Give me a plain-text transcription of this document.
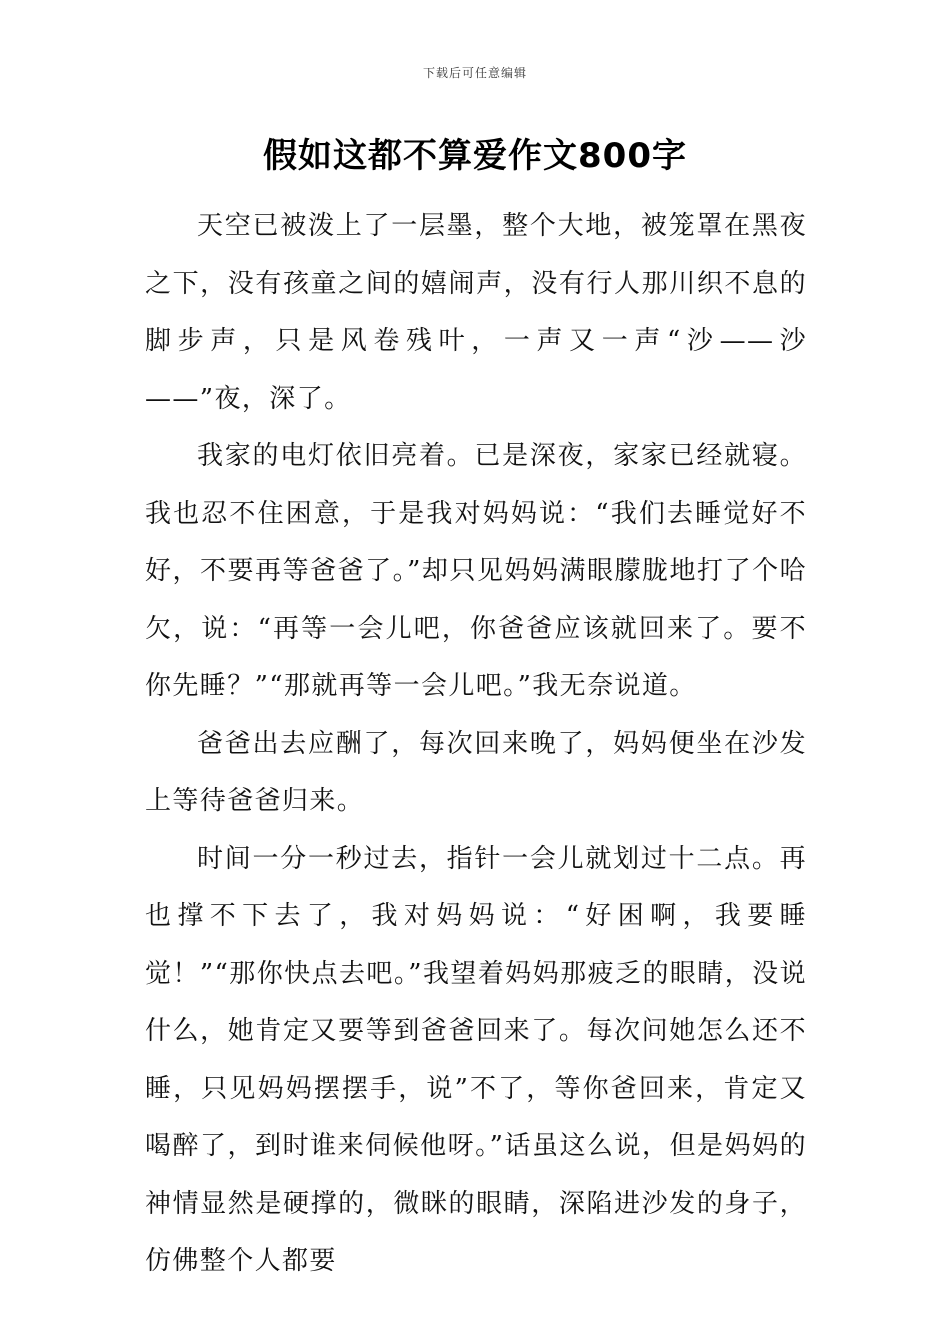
下载后可任意编辑
假如这都不算爱作文800字

天空已被泼上了一层墨，整个大地，被笼罩在黑夜之下，没有孩童之间的嬉闹声，没有行人那川织不息的脚步声，只是风卷残叶，一声又一声“沙——沙——”夜，深了。

我家的电灯依旧亮着。已是深夜，家家已经就寝。我也忍不住困意，于是我对妈妈说：“我们去睡觉好不好，不要再等爸爸了。”却只见妈妈满眼朦胧地打了个哈欠，说：“再等一会儿吧，你爸爸应该就回来了。要不你先睡？”“那就再等一会儿吧。”我无奈说道。

爸爸出去应酬了，每次回来晚了，妈妈便坐在沙发上等待爸爸归来。

时间一分一秒过去，指针一会儿就划过十二点。再也撑不下去了，我对妈妈说：“好困啊，我要睡觉！”“那你快点去吧。”我望着妈妈那疲乏的眼睛，没说什么，她肯定又要等到爸爸回来了。每次问她怎么还不睡，只见妈妈摆摆手，说”不了，等你爸回来，肯定又喝醉了，到时谁来伺候他呀。”话虽这么说，但是妈妈的神情显然是硬撑的，微眯的眼睛，深陷进沙发的身子，仿佛整个人都要
